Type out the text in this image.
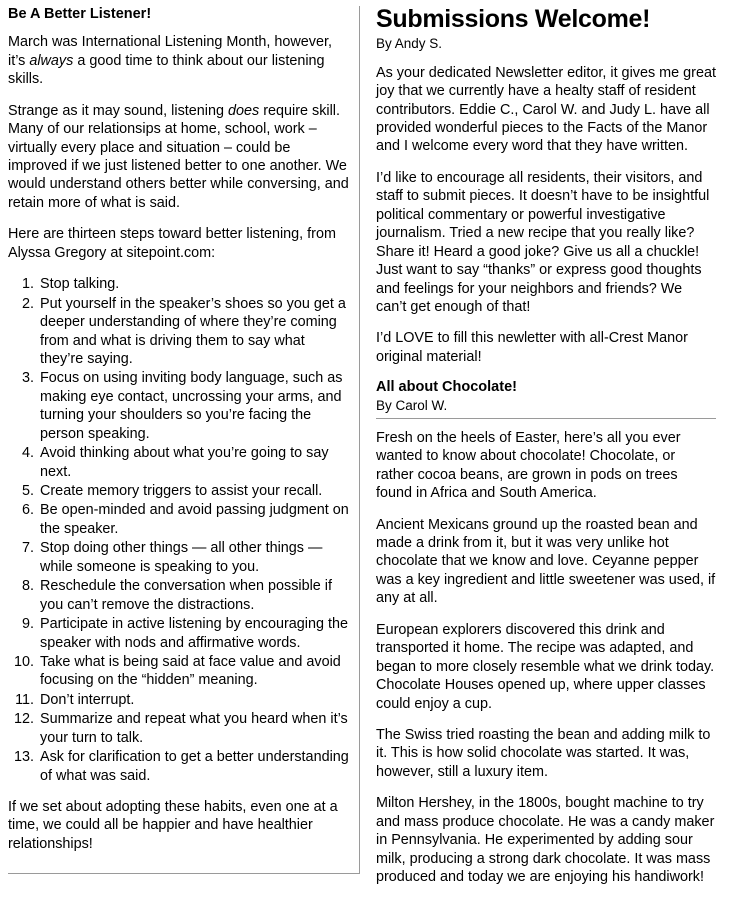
Be A Better Listener!

March was International Listening Month, however, it’s always a good time to think about our listening skills.

Strange as it may sound, listening does require skill. Many of our relationsips at home, school, work – virtually every place and situation – could be improved if we just listened better to one another. We would understand others better while conversing, and retain more of what is said.

Here are thirteen steps toward better listening, from Alyssa Gregory at sitepoint.com:

1. Stop talking.
2. Put yourself in the speaker’s shoes so you get a deeper understanding of where they’re coming from and what is driving them to say what they’re saying.
3. Focus on using inviting body language, such as making eye contact, uncrossing your arms, and turning your shoulders so you’re facing the person speaking.
4. Avoid thinking about what you’re going to say next.
5. Create memory triggers to assist your recall.
6. Be open-minded and avoid passing judgment on the speaker.
7. Stop doing other things — all other things — while someone is speaking to you.
8. Reschedule the conversation when possible if you can’t remove the distractions.
9. Participate in active listening by encouraging the speaker with nods and affirmative words.
10. Take what is being said at face value and avoid focusing on the “hidden” meaning.
11. Don’t interrupt.
12. Summarize and repeat what you heard when it’s your turn to talk.
13. Ask for clarification to get a better understanding of what was said.

If we set about adopting these habits, even one at a time, we could all be happier and have healthier relationships!

Submissions Welcome!

By Andy S.

As your dedicated Newsletter editor, it gives me great joy that we currently have a healty staff of resident contributors. Eddie C., Carol W. and Judy L. have all provided wonderful pieces to the Facts of the Manor and I welcome every word that they have written.

I’d like to encourage all residents, their visitors, and staff to submit pieces. It doesn’t have to be insightful political commentary or powerful investigative journalism. Tried a new recipe that you really like? Share it! Heard a good joke? Give us all a chuckle! Just want to say “thanks” or express good thoughts and feelings for your neighbors and friends? We can’t get enough of that!

I’d LOVE to fill this newletter with all-Crest Manor original material!

All about Chocolate!

By Carol W.

Fresh on the heels of Easter, here’s all you ever wanted to know about chocolate! Chocolate, or rather cocoa beans, are grown in pods on trees found in Africa and South America.

Ancient Mexicans ground up the roasted bean and made a drink from it, but it was very unlike hot chocolate that we know and love. Ceyanne pepper was a key ingredient and little sweetener was used, if any at all.

European explorers discovered this drink and transported it home. The recipe was adapted, and began to more closely resemble what we drink today. Chocolate Houses opened up, where upper classes could enjoy a cup.

The Swiss tried roasting the bean and adding milk to it. This is how solid chocolate was started. It was, however, still a luxury item.

Milton Hershey, in the 1800s, bought machine to try and mass produce chocolate. He was a candy maker in Pennsylvania. He experimented by adding sour milk, producing a strong dark chocolate. It was mass produced and today we are enjoying his handiwork!
